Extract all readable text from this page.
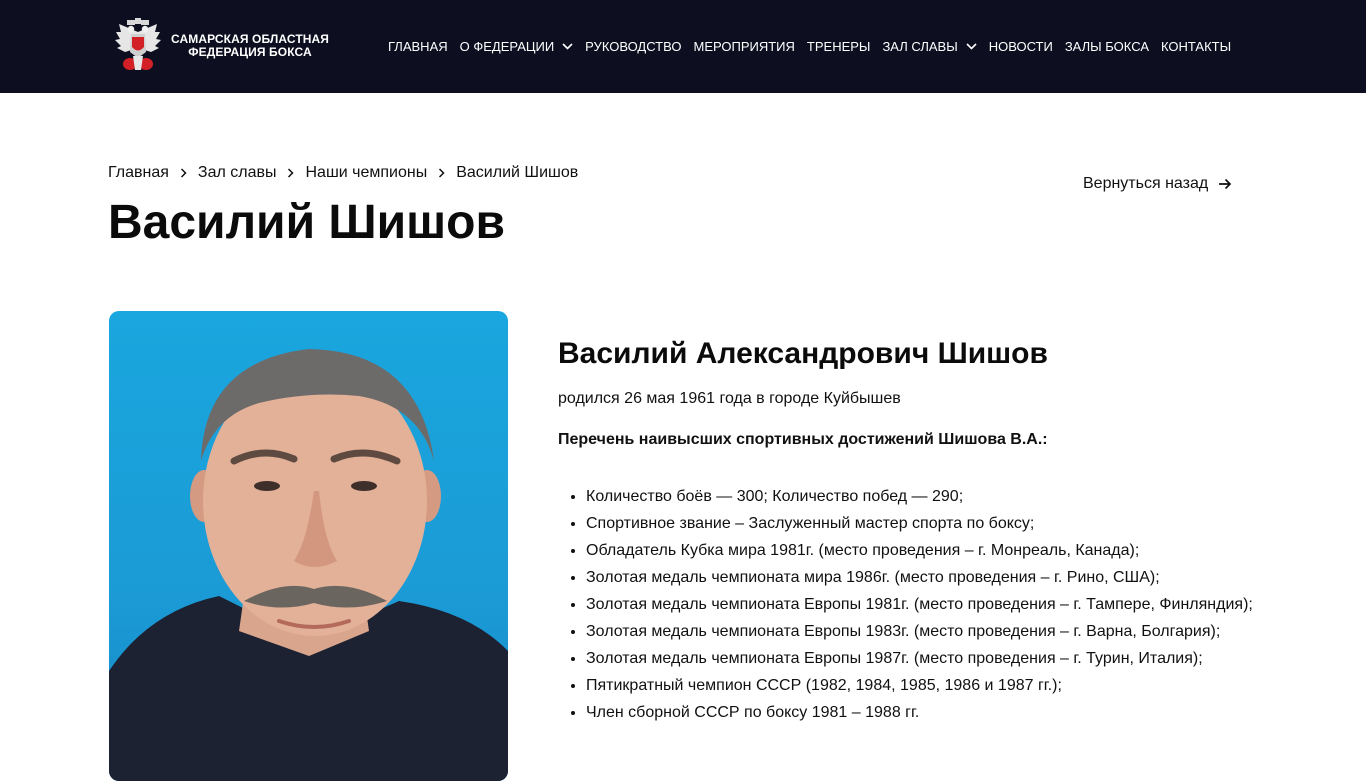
САМАРСКАЯ ОБЛАСТНАЯ
ФЕДЕРАЦИЯ БОКСА	ГЛАВНАЯ О ФЕДЕРАЦИИ РУКОВОДСТВО МЕРОПРИЯТИЯ ТРЕНЕРЫ ЗАЛ СЛАВЫ НОВОСТИ ЗАЛЫ БОКСА КОНТАКТЫ
Главная Зал славы Наши чемпионы Василий Шишов
Василий Шишов
Вернуться назад
Василий Александрович Шишов

родился 26 мая 1961 года в городе Куйбышев

Перечень наивысших спортивных достижений Шишова В.А.:

• Количество боёв — 300; Количество побед — 290;
• Спортивное звание – Заслуженный мастер спорта по боксу;
• Обладатель Кубка мира 1981г. (место проведения – г. Монреаль, Канада);
• Золотая медаль чемпионата мира 1986г. (место проведения – г. Рино, США);
• Золотая медаль чемпионата Европы 1981г. (место проведения – г. Тампере, Финляндия);
• Золотая медаль чемпионата Европы 1983г. (место проведения – г. Варна, Болгария);
• Золотая медаль чемпионата Европы 1987г. (место проведения – г. Турин, Италия);
• Пятикратный чемпион СССР (1982, 1984, 1985, 1986 и 1987 гг.);
• Член сборной СССР по боксу 1981 – 1988 гг.
